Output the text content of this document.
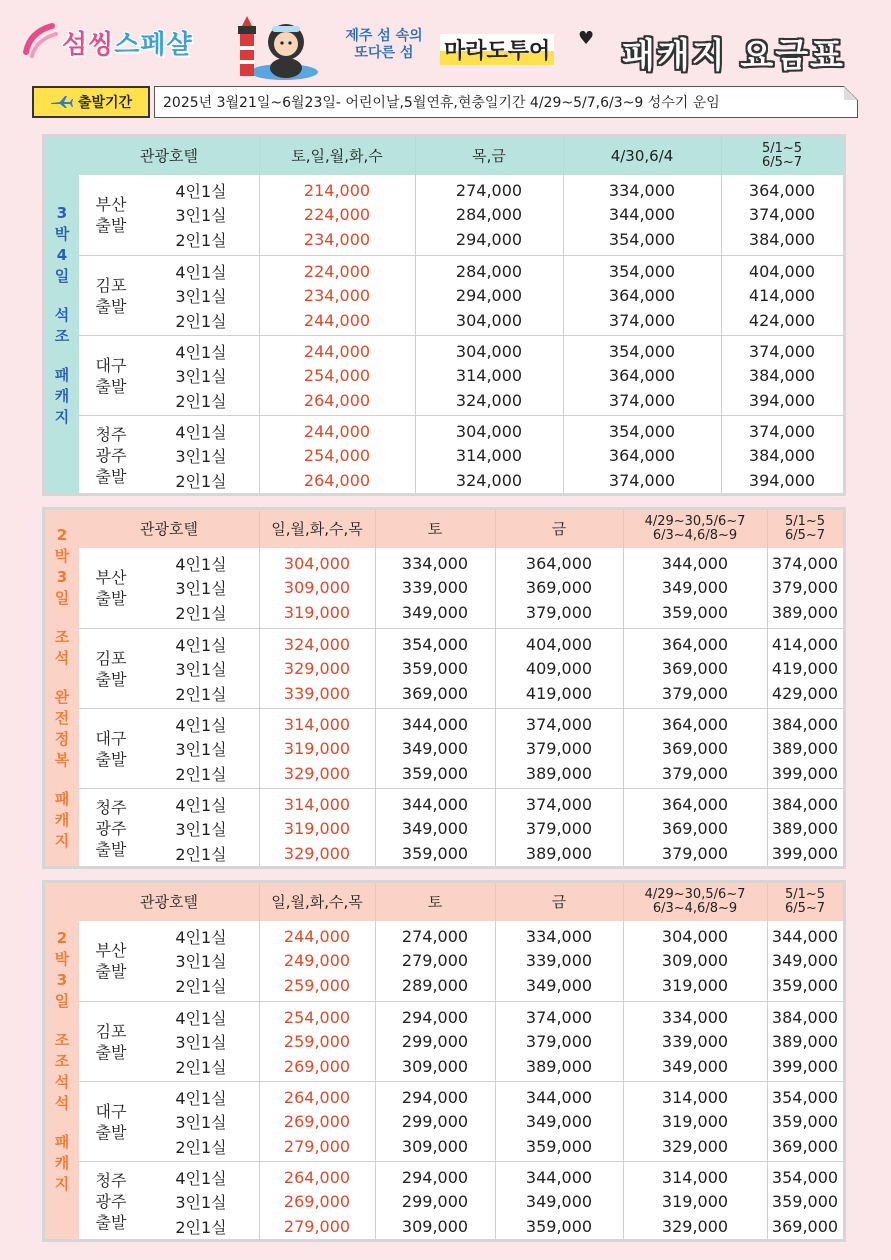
섬씽스페샬	제주 섬 속의
또다른 섬	마라도투어
♥ 패캐지 요금표
출발기간 2025년 3월21일~6월23일- 어린이날,5월연휴,현충일기간 4/29~5/7,6/3~9 성수기 운임
3
박
4
일
석
조
패
캐
지
관광호텔	토,일,월,화,수	목,금	4/30,6/4	5/1~5
6/5~7
부산
출발
4인1실	214,000	274,000	334,000	364,000
3인1실	224,000	284,000	344,000	374,000
2인1실	234,000	294,000	354,000	384,000
김포
출발
4인1실	224,000	284,000	354,000	404,000
3인1실	234,000	294,000	364,000	414,000
2인1실	244,000	304,000	374,000	424,000
대구
출발
4인1실	244,000	304,000	354,000	374,000
3인1실	254,000	314,000	364,000	384,000
2인1실	264,000	324,000	374,000	394,000
청주
광주
출발
4인1실	244,000	304,000	354,000	374,000
3인1실	254,000	314,000	364,000	384,000
2인1실	264,000	324,000	374,000	394,000
2
박
3
일
조
석
완
전
정
복
패
캐
지
관광호텔	일,월,화,수,목	토	금	4/29~30,5/6~7
6/3~4,6/8~9
5/1~5
6/5~7
부산
출발
4인1실	304,000	334,000	364,000	344,000	374,000
3인1실	309,000	339,000	369,000	349,000	379,000
2인1실	319,000	349,000	379,000	359,000	389,000
김포
출발
4인1실	324,000	354,000	404,000	364,000	414,000
3인1실	329,000	359,000	409,000	369,000	419,000
2인1실	339,000	369,000	419,000	379,000	429,000
대구
출발
4인1실	314,000	344,000	374,000	364,000	384,000
3인1실	319,000	349,000	379,000	369,000	389,000
2인1실	329,000	359,000	389,000	379,000	399,000
청주
광주
출발
4인1실	314,000	344,000	374,000	364,000	384,000
3인1실	319,000	349,000	379,000	369,000	389,000
2인1실	329,000	359,000	389,000	379,000	399,000
2
박
3
일
조
조
석
석
패
캐
지
관광호텔	일,월,화,수,목	토	금	4/29~30,5/6~7
6/3~4,6/8~9
5/1~5
6/5~7
부산
출발
4인1실	244,000	274,000	334,000	304,000	344,000
3인1실	249,000	279,000	339,000	309,000	349,000
2인1실	259,000	289,000	349,000	319,000	359,000
김포
출발
4인1실	254,000	294,000	374,000	334,000	384,000
3인1실	259,000	299,000	379,000	339,000	389,000
2인1실	269,000	309,000	389,000	349,000	399,000
대구
출발
4인1실	264,000	294,000	344,000	314,000	354,000
3인1실	269,000	299,000	349,000	319,000	359,000
2인1실	279,000	309,000	359,000	329,000	369,000
청주
광주
출발
4인1실	264,000	294,000	344,000	314,000	354,000
3인1실	269,000	299,000	349,000	319,000	359,000
2인1실	279,000	309,000	359,000	329,000	369,000
